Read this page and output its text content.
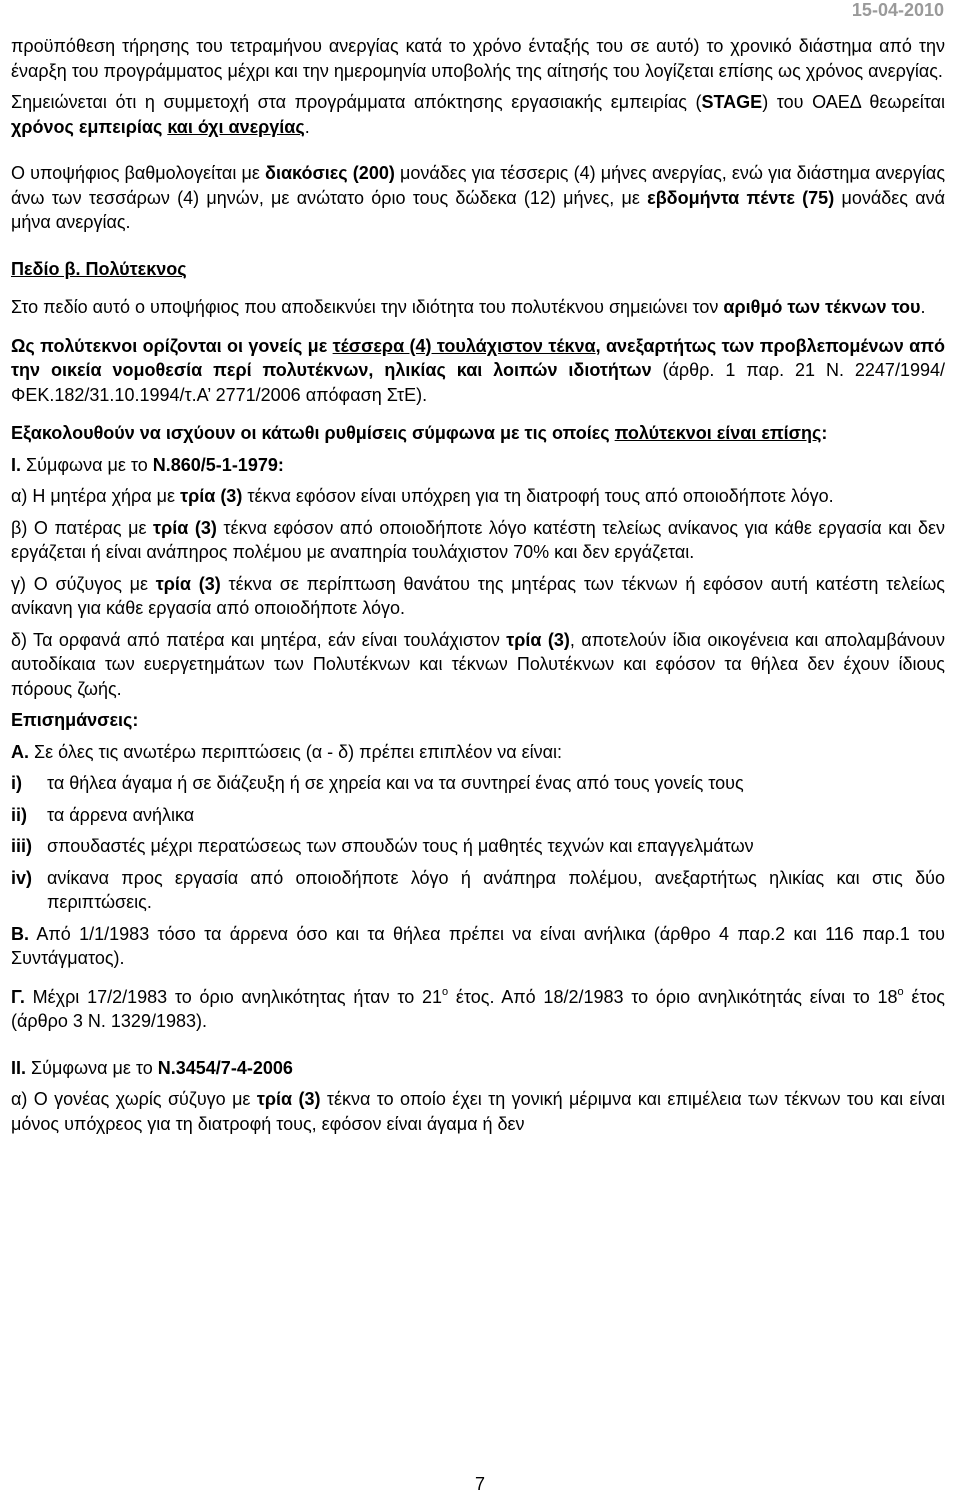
15-04-2010

προϋπόθεση τήρησης του τετραμήνου ανεργίας κατά το χρόνο ένταξής του σε αυτό) το χρονικό διάστημα από την έναρξη του προγράμματος μέχρι και την ημερομηνία υποβολής της αίτησής του λογίζεται επίσης ως χρόνος ανεργίας.

Σημειώνεται ότι η συμμετοχή στα προγράμματα απόκτησης εργασιακής εμπειρίας (STAGE) του ΟΑΕΔ θεωρείται χρόνος εμπειρίας και όχι ανεργίας.

Ο υποψήφιος βαθμολογείται με διακόσιες (200) μονάδες για τέσσερις (4) μήνες ανεργίας, ενώ για διάστημα ανεργίας άνω των τεσσάρων (4) μηνών, με ανώτατο όριο τους δώδεκα (12) μήνες, με εβδομήντα πέντε (75) μονάδες ανά μήνα ανεργίας.

Πεδίο β. Πολύτεκνος

Στο πεδίο αυτό ο υποψήφιος που αποδεικνύει την ιδιότητα του πολυτέκνου σημειώνει τον αριθμό των τέκνων του.

Ως πολύτεκνοι ορίζονται οι γονείς με τέσσερα (4) τουλάχιστον τέκνα, ανεξαρτήτως των προβλεπομένων από την οικεία νομοθεσία περί πολυτέκνων, ηλικίας και λοιπών ιδιοτήτων (άρθρ. 1 παρ. 21 Ν. 2247/1994/ΦΕΚ.182/31.10.1994/τ.Α’ 2771/2006 απόφαση ΣτΕ).

Εξακολουθούν να ισχύουν οι κάτωθι ρυθμίσεις σύμφωνα με τις οποίες πολύτεκνοι είναι επίσης:

Ι. Σύμφωνα με το Ν.860/5-1-1979:

α) Η μητέρα χήρα με τρία (3) τέκνα εφόσον είναι υπόχρεη για τη διατροφή τους από οποιοδήποτε λόγο.

β) Ο πατέρας με τρία (3) τέκνα εφόσον από οποιοδήποτε λόγο κατέστη τελείως ανίκανος για κάθε εργασία και δεν εργάζεται ή είναι ανάπηρος πολέμου με αναπηρία τουλάχιστον 70% και δεν εργάζεται.

γ) Ο σύζυγος με τρία (3) τέκνα σε περίπτωση θανάτου της μητέρας των τέκνων ή εφόσον αυτή κατέστη τελείως ανίκανη για κάθε εργασία από οποιοδήποτε λόγο.

δ) Τα ορφανά από πατέρα και μητέρα, εάν είναι τουλάχιστον τρία (3), αποτελούν ίδια οικογένεια και απολαμβάνουν αυτοδίκαια των ευεργετημάτων των Πολυτέκνων και τέκνων Πολυτέκνων και εφόσον τα θήλεα δεν έχουν ίδιους πόρους ζωής.

Επισημάνσεις:

Α. Σε όλες τις ανωτέρω περιπτώσεις (α - δ) πρέπει επιπλέον να είναι:

i)	τα θήλεα άγαμα ή σε διάζευξη ή σε χηρεία και να τα συντηρεί ένας από τους γονείς τους
ii)	τα άρρενα ανήλικα
iii) σπουδαστές μέχρι περατώσεως των σπουδών τους ή μαθητές τεχνών και επαγγελμάτων
iv) ανίκανα προς εργασία από οποιοδήποτε λόγο ή ανάπηρα πολέμου, ανεξαρτήτως ηλικίας και στις δύο περιπτώσεις.

Β. Από 1/1/1983 τόσο τα άρρενα όσο και τα θήλεα πρέπει να είναι ανήλικα (άρθρο 4 παρ.2 και 116 παρ.1 του Συντάγματος).

Γ. Μέχρι 17/2/1983 το όριο ανηλικότητας ήταν το $21^o$ έτος. Από 18/2/1983 το όριο ανηλικότητάς είναι το $18^o$ έτος (άρθρο 3 Ν. 1329/1983).

ΙΙ. Σύμφωνα με το Ν.3454/7-4-2006

α) Ο γονέας χωρίς σύζυγο με τρία (3) τέκνα το οποίο έχει τη γονική μέριμνα και επιμέλεια των τέκνων του και είναι μόνος υπόχρεος για τη διατροφή τους, εφόσον είναι άγαμα ή δεν

7
